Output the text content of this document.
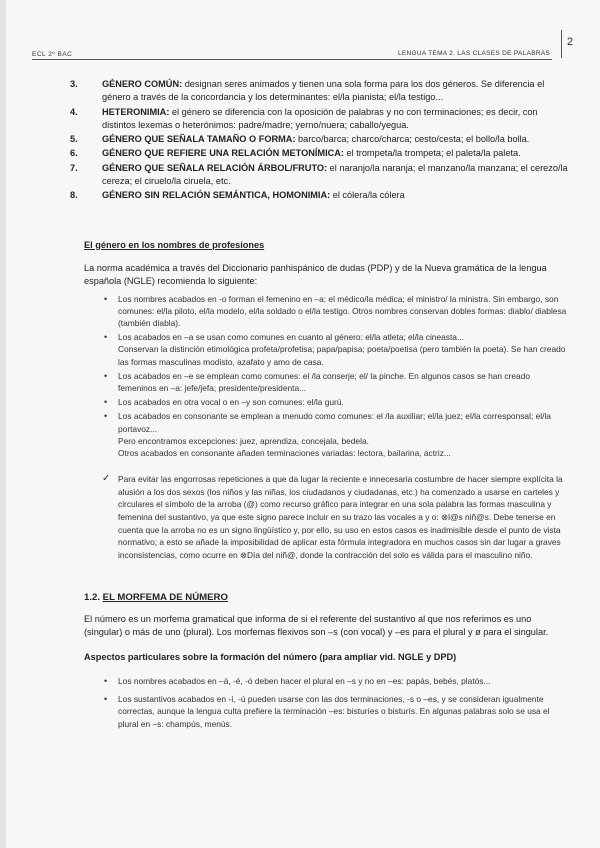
ECL 2º BAC	LENGUA TEMA 2. LAS CLASES DE PALABRAS
2
3.	GÉNERO COMÚN: designan seres animados y tienen una sola forma para los dos géneros. Se diferencia el género a través de la concordancia y los determinantes: el/la pianista; el/la testigo...
4.	HETERONIMIA: el género se diferencia con la oposición de palabras y no con terminaciones; es decir, con distintos lexemas o heterónimos: padre/madre; yerno/nuera; caballo/yegua.
5.	GÉNERO QUE SEÑALA TAMAÑO O FORMA: barco/barca; charco/charca; cesto/cesta; el bollo/la bolla.
6.	GÉNERO QUE REFIERE UNA RELACIÓN METONÍMICA: el trompeta/la trompeta; el paleta/la paleta.
7.	GÉNERO QUE SEÑALA RELACIÓN ÁRBOL/FRUTO: el naranjo/la naranja; el manzano/la manzana; el cerezo/la cereza; el ciruelo/la ciruela, etc.
8.	GÉNERO SIN RELACIÓN SEMÁNTICA, HOMONIMIA: el cólera/la cólera
El género en los nombres de profesiones
La norma académica a través del Diccionario panhispánico de dudas (PDP) y de la Nueva gramática de la lengua española (NGLE) recomienda lo siguiente:
• Los nombres acabados en -o forman el femenino en –a: el médico/la médica; el ministro/ la ministra. Sin embargo, son comunes: el/la piloto, el/la modelo, el/la soldado o el/la testigo. Otros nombres conservan dobles formas: diablo/ diablesa (también diabla).
• Los acabados en –a se usan como comunes en cuanto al género: el/la atleta; el/la cineasta...
Conservan la distinción etimológica profeta/profetisa; papa/papisa; poeta/poetisa (pero también la poeta). Se han creado las formas masculinas modisto, azafato y amo de casa.
• Los acabados en –e se emplean como comunes: el /la conserje; el/ la pinche. En algunos casos se han creado femeninos en –a: jefe/jefa; presidente/presidenta...
• Los acabados en otra vocal o en –y son comunes: el/la gurú.
• Los acabados en consonante se emplean a menudo como comunes: el /la auxiliar; el/la juez; el/la corresponsal; el/la portavoz...
Pero encontramos excepciones: juez, aprendiza, concejala, bedela.
Otros acabados en consonante añaden terminaciones variadas: lectora, bailarina, actriz...
✓ Para evitar las engorrosas repeticiones a que da lugar la reciente e innecesaria costumbre de hacer siempre explícita la alusión a los dos sexos (los niños y las niñas, los ciudadanos y ciudadanas, etc.) ha comenzado a usarse en carteles y circulares el símbolo de la arroba (@) como recurso gráfico para integrar en una sola palabra las formas masculina y femenina del sustantivo, ya que este signo parece incluir en su trazo las vocales a y o: ⊗l@s niñ@s. Debe tenerse en cuenta que la arroba no es un signo lingüístico y, por ello, su uso en estos casos es inadmisible desde el punto de vista normativo; a esto se añade la imposibilidad de aplicar esta fórmula integradora en muchos casos sin dar lugar a graves inconsistencias, como ocurre en ⊗Día del niñ@, donde la contracción del solo es válida para el masculino niño.
1.2. EL MORFEMA DE NÚMERO
El número es un morfema gramatical que informa de si el referente del sustantivo al que nos referimos es uno (singular) o más de uno (plural). Los morfemas flexivos son –s (con vocal) y –es para el plural y ø para el singular.
Aspectos particulares sobre la formación del número (para ampliar vid. NGLE y DPD)
• Los nombres acabados en –á, -é, -ó deben hacer el plural en –s y no en –es: papás, bebés, platós...
• Los sustantivos acabados en -í, -ú pueden usarse con las dos terminaciones, -s o –es, y se consideran igualmente correctas, aunque la lengua culta prefiere la terminación –es: bisturíes o bisturís. En algunas palabras solo se usa el plural en –s: champús, menús.
